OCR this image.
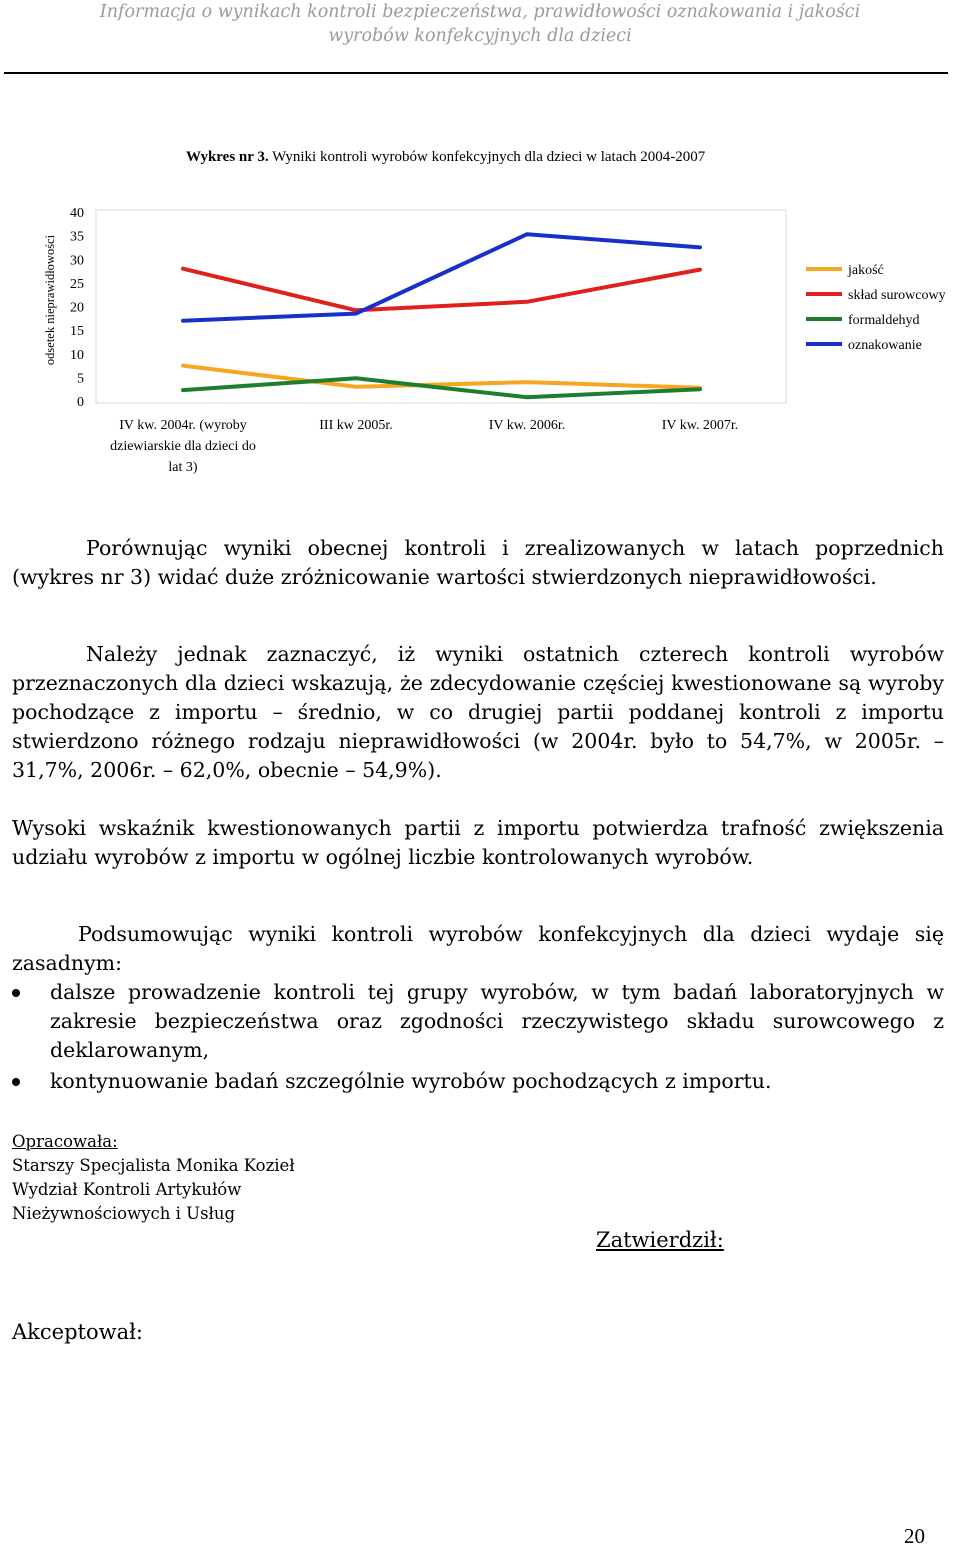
Informacja o wynikach kontroli bezpieczeństwa, prawidłowości oznakowania i jakości
wyrobów konfekcyjnych dla dzieci
Wykres nr 3. Wyniki kontroli wyrobów konfekcyjnych dla dzieci w latach 2004-2007
0
5
10
15
20
25
30
35
40
odsetek nieprawidłowości
IV kw. 2004r. (wyroby
dziewiarskie dla dzieci do
lat 3)
III kw 2005r.	IV kw. 2006r.	IV kw. 2007r.
jakość
skład surowcowy
formaldehyd
oznakowanie
Porównując wyniki obecnej kontroli i zrealizowanych w latach poprzednich (wykres nr 3) widać duże zróżnicowanie wartości stwierdzonych nieprawidłowości.
Należy jednak zaznaczyć, iż wyniki ostatnich czterech kontroli wyrobów przeznaczonych dla dzieci wskazują, że zdecydowanie częściej kwestionowane są wyroby pochodzące z importu – średnio, w co drugiej partii poddanej kontroli z importu stwierdzono różnego rodzaju nieprawidłowości (w 2004r. było to 54,7%, w 2005r. – 31,7%, 2006r. – 62,0%, obecnie – 54,9%).
Wysoki wskaźnik kwestionowanych partii z importu potwierdza trafność zwiększenia udziału wyrobów z importu w ogólnej liczbie kontrolowanych wyrobów.
Podsumowując wyniki kontroli wyrobów konfekcyjnych dla dzieci wydaje się zasadnym:
dalsze prowadzenie kontroli tej grupy wyrobów, w tym badań laboratoryjnych w zakresie bezpieczeństwa oraz zgodności rzeczywistego składu surowcowego z deklarowanym,
kontynuowanie badań szczególnie wyrobów pochodzących z importu.
Opracowała:
Starszy Specjalista Monika Kozieł
Wydział Kontroli Artykułów
Nieżywnościowych i Usług
Zatwierdził:
Akceptował:
20
